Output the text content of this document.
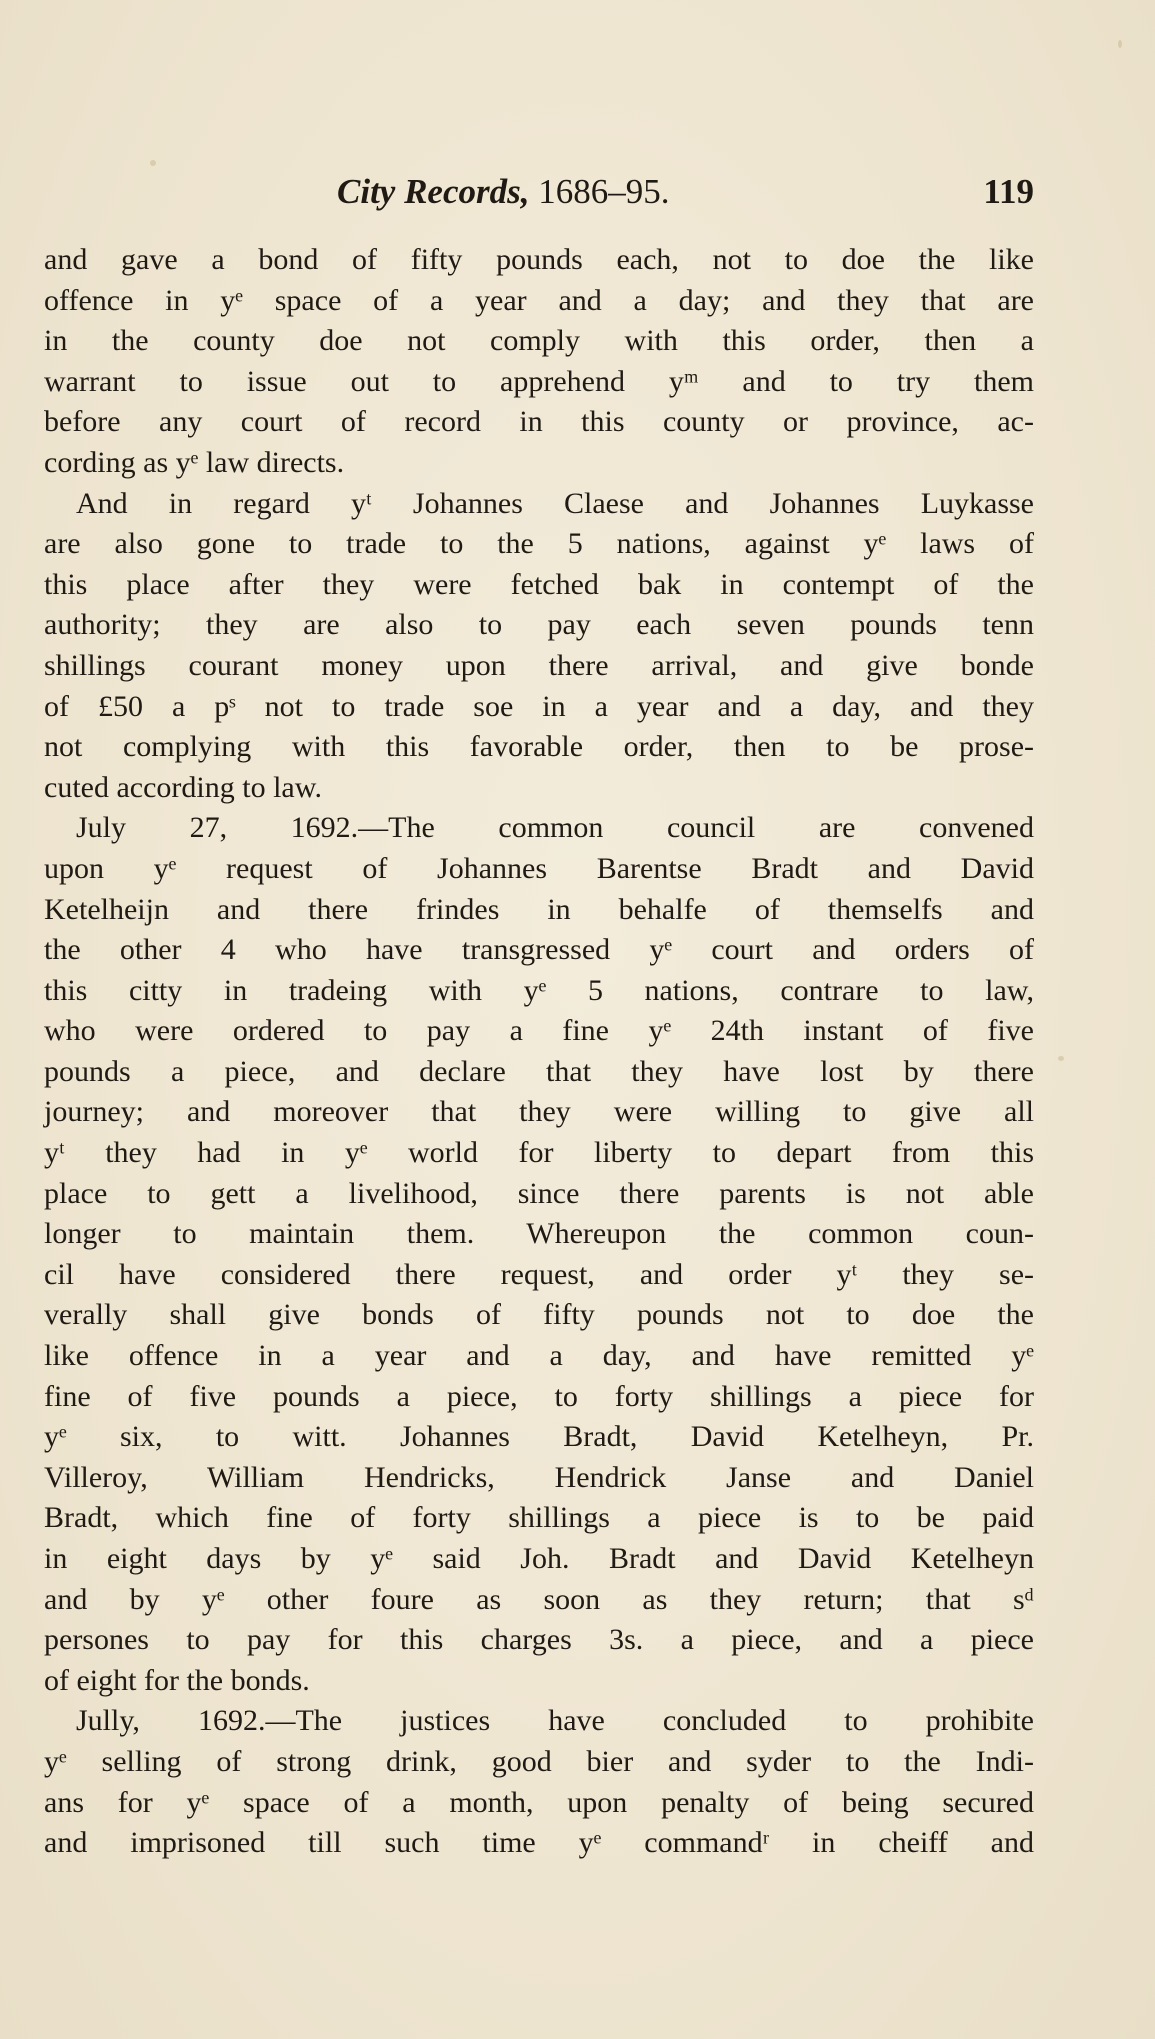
City Records, 1686–95.	119
and gave a bond of fifty pounds each, not to doe the like
offence in yᵉ space of a year and a day; and they that are
in the county doe not comply with this order, then a
warrant to issue out to apprehend yᵐ and to try them
before any court of record in this county or province, ac-
cording as yᵉ law directs.
And in regard yᵗ Johannes Claese and Johannes Luykasse
are also gone to trade to the 5 nations, against yᵉ laws of
this place after they were fetched bak in contempt of the
authority; they are also to pay each seven pounds tenn
shillings courant money upon there arrival, and give bonde
of £50 a pˢ not to trade soe in a year and a day, and they
not complying with this favorable order, then to be prose-
cuted according to law.
July 27, 1692.—The common council are convened
upon yᵉ request of Johannes Barentse Bradt and David
Ketelheijn and there frindes in behalfe of themselfs and
the other 4 who have transgressed yᵉ court and orders of
this citty in tradeing with yᵉ 5 nations, contrare to law,
who were ordered to pay a fine yᵉ 24th instant of five
pounds a piece, and declare that they have lost by there
journey; and moreover that they were willing to give all
yᵗ they had in yᵉ world for liberty to depart from this
place to gett a livelihood, since there parents is not able
longer to maintain them. Whereupon the common coun-
cil have considered there request, and order yᵗ they se-
verally shall give bonds of fifty pounds not to doe the
like offence in a year and a day, and have remitted yᵉ
fine of five pounds a piece, to forty shillings a piece for
yᵉ six, to witt. Johannes Bradt, David Ketelheyn, Pr.
Villeroy, William Hendricks, Hendrick Janse and Daniel
Bradt, which fine of forty shillings a piece is to be paid
in eight days by yᵉ said Joh. Bradt and David Ketelheyn
and by yᵉ other foure as soon as they return; that sᵈ
persones to pay for this charges 3s. a piece, and a piece
of eight for the bonds.
Jully, 1692.—The justices have concluded to prohibite
yᵉ selling of strong drink, good bier and syder to the Indi-
ans for yᵉ space of a month, upon penalty of being secured
and imprisoned till such time yᵉ commandʳ in cheiff and
